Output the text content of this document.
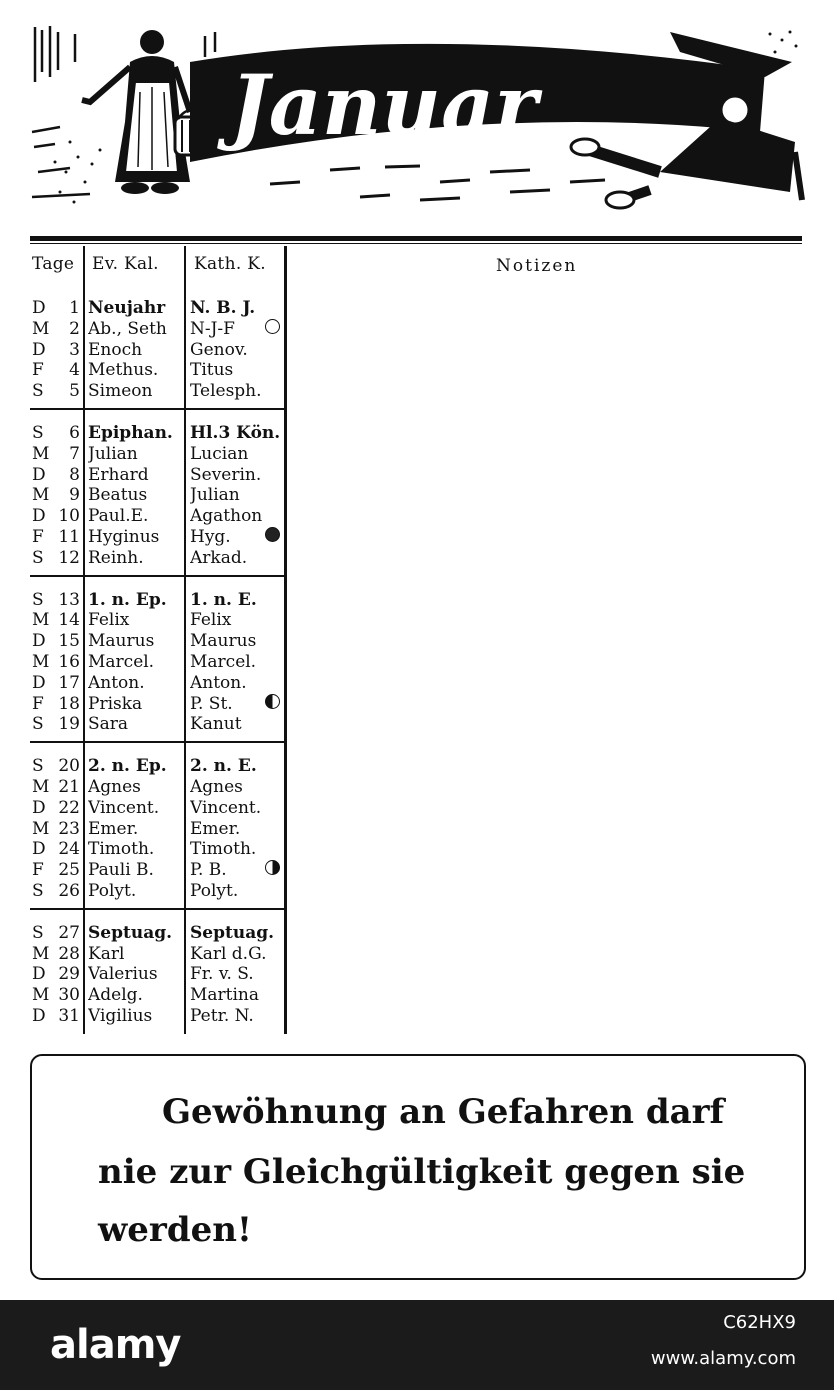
Januar
Tage Ev. Kal. Kath. K.
D	1 Neujahr	N. B. J.
M	2 Ab., Seth	N-J-F
D	3 Enoch	Genov.
F	4 Methus.	Titus
S	5 Simeon	Telesph.
S	6 Epiphan.	Hl.3 Kön.
M	7 Julian	Lucian
D	8 Erhard	Severin.
M	9 Beatus	Julian
D 10 Paul.E.	Agathon
F 11 Hyginus	Hyg.
S 12 Reinh.	Arkad.
S 13 1. n. Ep.	1. n. E.
M 14 Felix	Felix
D 15 Maurus	Maurus
M 16 Marcel.	Marcel.
D 17 Anton.	Anton.
F 18 Priska	P. St.
S 19 Sara	Kanut
S 20 2. n. Ep.	2. n. E.
M 21 Agnes	Agnes
D 22 Vincent.	Vincent.
M 23 Emer.	Emer.
D 24 Timoth.	Timoth.
F 25 Pauli B.	P. B.
S 26 Polyt.	Polyt.
S 27 Septuag.	Septuag.
M 28 Karl	Karl d.G.
D 29 Valerius	Fr. v. S.
M 30 Adelg.	Martina
D 31 Vigilius	Petr. N.
Notizen
Gewöhnung an Gefahren darf
nie zur Gleichgültigkeit gegen sie
werden!
alamy	C62HX9
www.alamy.com
